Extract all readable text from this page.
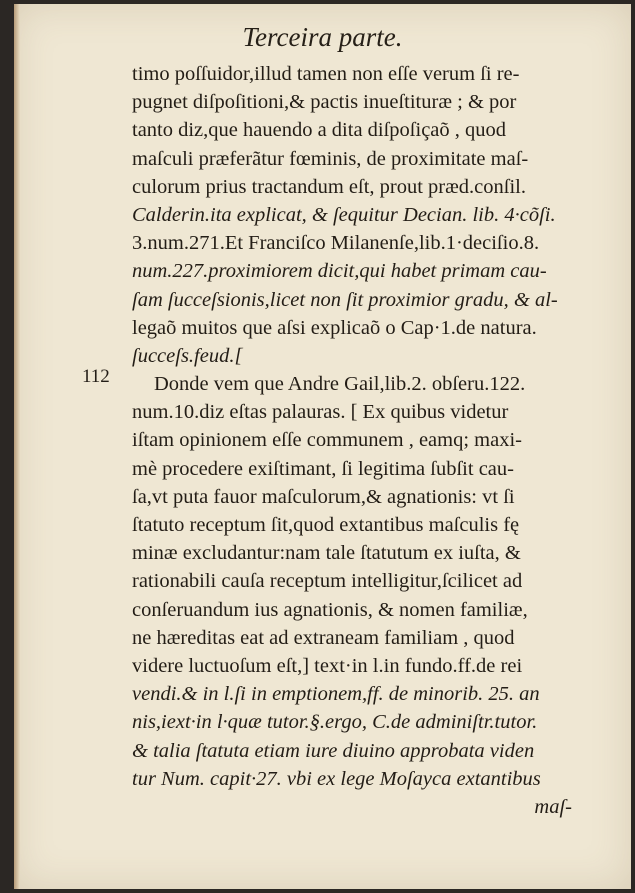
Terceira parte.
112
timo poſſuidor,illud tamen non eſſe verum ſi re-
pugnet diſpoſitioni,& pactis inueſtituræ ; & por
tanto diz,que hauendo a dita diſpoſiçaõ , quod
maſculi præferãtur fœminis, de proximitate maſ-
culorum prius tractandum eſt, prout præd.conſil.
Calderin.ita explicat, & ſequitur Decian. lib. 4·cõſi.
3.num.271.Et Franciſco Milanenſe,lib.1·deciſio.8.
num.227.proximiorem dicit,qui habet primam cau-
ſam ſucceſsionis,licet non ſit proximior gradu, & al-
legaõ muitos que aſsi explicaõ o Cap·1.de natura.
ſucceſs.feud.[
Donde vem que Andre Gail,lib.2. obſeru.122.
num.10.diz eſtas palauras. [ Ex quibus videtur
iſtam opinionem eſſe communem , eamq; maxi-
mè procedere exiſtimant, ſi legitima ſubſit cau-
ſa,vt puta fauor maſculorum,& agnationis: vt ſi
ſtatuto receptum ſit,quod extantibus maſculis fę
minæ excludantur:nam tale ſtatutum ex iuſta, &
rationabili cauſa receptum intelligitur,ſcilicet ad
conſeruandum ius agnationis, & nomen familiæ,
ne hæreditas eat ad extraneam familiam , quod
videre luctuoſum eſt,] text·in l.in fundo.ff.de rei
vendi.& in l.ſi in emptionem,ff. de minorib. 25. an
nis,iext·in l·quæ tutor.§.ergo, C.de adminiſtr.tutor.
& talia ſtatuta etiam iure diuino approbata viden
tur Num. capit·27. vbi ex lege Moſayca extantibus
maſ-
